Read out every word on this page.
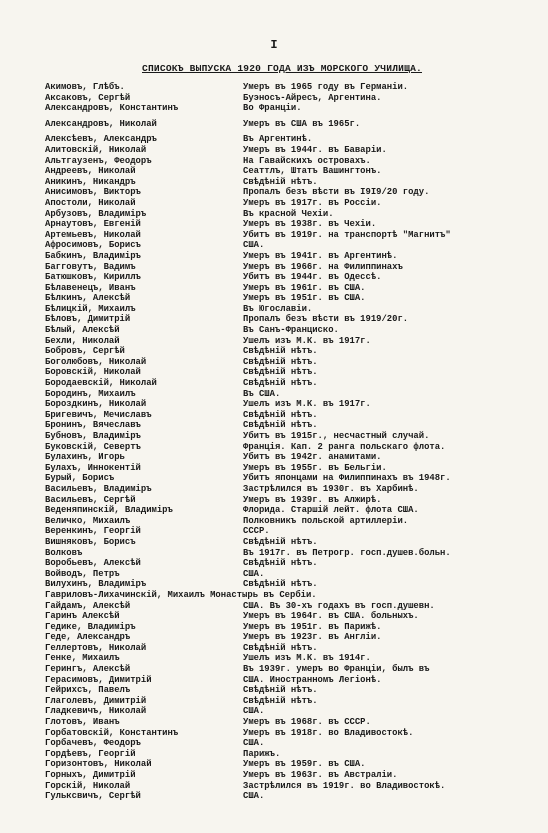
I
СПИСОКЪ ВЫПУСКА 1920 ГОДА ИЗЪ МОРСКОГО УЧИЛИЩА.
Акимовъ, Глѣбъ.	Умеръ въ 1965 году въ Германіи.
Аксаковъ, Сергѣй	Буэносъ-Айресъ, Аргентина.
Александровъ, Константинъ	Во Франціи.
Александровъ, Николай	Умеръ въ США въ 1965г.
Алексѣевъ, Александръ	Въ Аргентинѣ.
Алитовскій, Николай	Умеръ въ 1944г. въ Баваріи.
Альтгаузенъ, Феодоръ	На Гавайскихъ островахъ.
Андреевъ, Николай	Сеаттлъ, Штатъ Вашингтонъ.
Аникинъ, Никандръ	Свѣдѣній нѣтъ.
Анисимовъ, Викторъ	Пропалъ безъ вѣсти въ I9I9/20 году.
Апостоли, Николай	Умеръ въ 1917г. въ Россіи.
Арбузовъ, Владиміръ	Въ красной Чехіи.
Арнаутовъ, Евгеній	Умеръ въ 1938г. въ Чехіи.
Артемьевъ, Николай	Убитъ въ 1919г. на транспортѣ "Магнитъ"
Афросимовъ, Борисъ	США.
Бабкинъ, Владиміръ	Умеръ въ 1941г. въ Аргентинѣ.
Багговутъ, Вадимъ	Умеръ въ 1966г. на Филиппинахъ
Батюшковъ, Кириллъ	Убитъ въ 1944г. въ Одессѣ.
Бѣлавенецъ, Иванъ	Умеръ въ 1961г. въ США.
Бѣлкинъ, Алексѣй	Умеръ въ 1951г. въ США.
Бѣлицкій, Михаилъ	Въ Югославіи.
Бѣловъ, Димитрій	Пропалъ безъ вѣсти въ 1919/20г.
Бѣлый, Алексѣй	Въ Санъ-Франциско.
Бехли, Николай	Ушелъ изъ М.К. въ 1917г.
Бобровъ, Сергѣй	Свѣдѣній нѣтъ.
Боголюбовъ, Николай	Свѣдѣній нѣтъ.
Боровскій, Николай	Свѣдѣній нѣтъ.
Бородаевскій, Николай	Свѣдѣній нѣтъ.
Бородинъ, Михаилъ	Въ США.
Бороздкинъ, Николай	Ушелъ изъ М.К. въ 1917г.
Бригевичъ, Мечиславъ	Свѣдѣній нѣтъ.
Бронинъ, Вячеславъ	Свѣдѣній нѣтъ.
Бубновъ, Владиміръ	Убитъ въ 1915г., несчастный случай.
Буковскій, Севертъ	Франція. Кап. 2 ранга польскаго флота.
Булахинъ, Игорь	Убитъ въ 1942г. анамитами.
Булахъ, Иннокентій	Умеръ въ 1955г. въ Бельгіи.
Бурый, Борисъ	Убитъ японцами на Филиппинахъ въ 1948г.
Васильевъ, Владиміръ	Застрѣлился въ 1930г. въ Харбинѣ.
Васильевъ, Сергѣй	Умеръ въ 1939г. въ Алжирѣ.
Веденяпинскій, Владиміръ	Флорида. Старшій лейт. флота США.
Величко, Михаилъ	Полковникъ польской артиллеріи.
Веренкинъ, Георгій	СССР.
Вишняковъ, Борисъ	Свѣдѣній нѣтъ.
Волковъ	Въ 1917г. въ Петрогр. госп.душев.больн.
Воробьевъ, Алексѣй	Свѣдѣній нѣтъ.
Войводъ, Петръ	США.
Вилухинъ, Владиміръ	Свѣдѣній нѣтъ.
Гавриловъ-Лихачинскій, Михаилъ Монастырь въ Сербіи.
Гайдамъ, Алексѣй	США. Въ 30-хъ годахъ въ госп.душевн.
Гаринъ Алексѣй	Умеръ въ 1964г. въ США. больныхъ.
Гедике, Владиміръ	Умеръ въ 1951г. въ Парижѣ.
Геде, Александръ	Умеръ въ 1923г. въ Англіи.
Геллертовъ, Николай	Свѣдѣній нѣтъ.
Генке, Михаилъ	Ушелъ изъ М.К. въ 1914г.
Герингъ, Алексѣй	Въ 1939г. умеръ во Франціи, былъ въ
Герасимовъ, Димитрій	США. Иностранномъ Легіонѣ.
Гейрихсъ, Павелъ	Свѣдѣній нѣтъ.
Глаголевъ, Димитрій	Свѣдѣній нѣтъ.
Гладкевичъ, Николай	США.
Глотовъ, Иванъ	Умеръ въ 1968г. въ СССР.
Горбатовскій, Константинъ	Умеръ въ 1918г. во Владивостокѣ.
Горбачевъ, Феодоръ	США.
Гордѣевъ, Георгій	Парижъ.
Горизонтовъ, Николай	Умеръ въ 1959г. въ США.
Горныхъ, Димитрій	Умеръ въ 1963г. въ Австраліи.
Горскій, Николай	Застрѣлился въ 1919г. во Владивостокѣ.
Гульксвичъ, Сергѣй	США.
